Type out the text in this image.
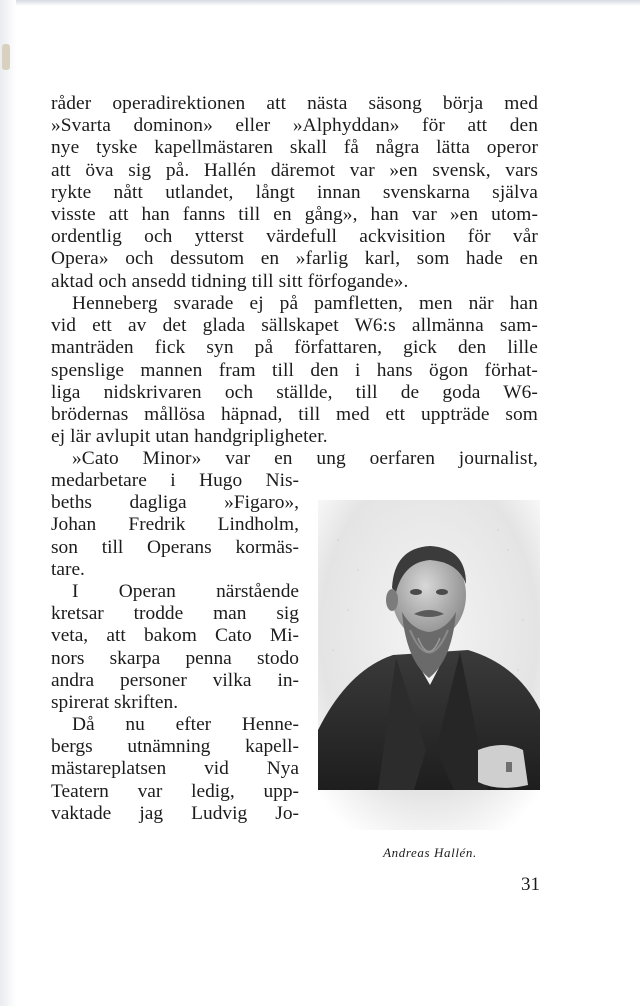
råder operadirektionen att nästa säsong börja med
»Svarta dominon» eller »Alphyddan» för att den
nye tyske kapellmästaren skall få några lätta operor
att öva sig på. Hallén däremot var »en svensk, vars
rykte nått utlandet, långt innan svenskarna själva
visste att han fanns till en gång», han var »en utom-
ordentlig och ytterst värdefull ackvisition för vår
Opera» och dessutom en »farlig karl, som hade en
aktad och ansedd tidning till sitt förfogande».
Henneberg svarade ej på pamfletten, men när han
vid ett av det glada sällskapet W6:s allmänna sam-
manträden fick syn på författaren, gick den lille
spenslige mannen fram till den i hans ögon förhat-
liga nidskrivaren och ställde, till de goda W6-
brödernas mållösa häpnad, till med ett uppträde som
ej lär avlupit utan handgripligheter.
»Cato Minor» var en ung oerfaren journalist,
medarbetare i Hugo Nis-
beths dagliga »Figaro»,
Johan Fredrik Lindholm,
son till Operans kormäs-
tare.
I Operan närstående
kretsar trodde man sig
veta, att bakom Cato Mi-
nors skarpa penna stodo
andra personer vilka in-
spirerat skriften.
Då nu efter Henne-
bergs utnämning kapell-
mästareplatsen vid Nya
Teatern var ledig, upp-
vaktade jag Ludvig Jo-
Andreas Hallén.
31
